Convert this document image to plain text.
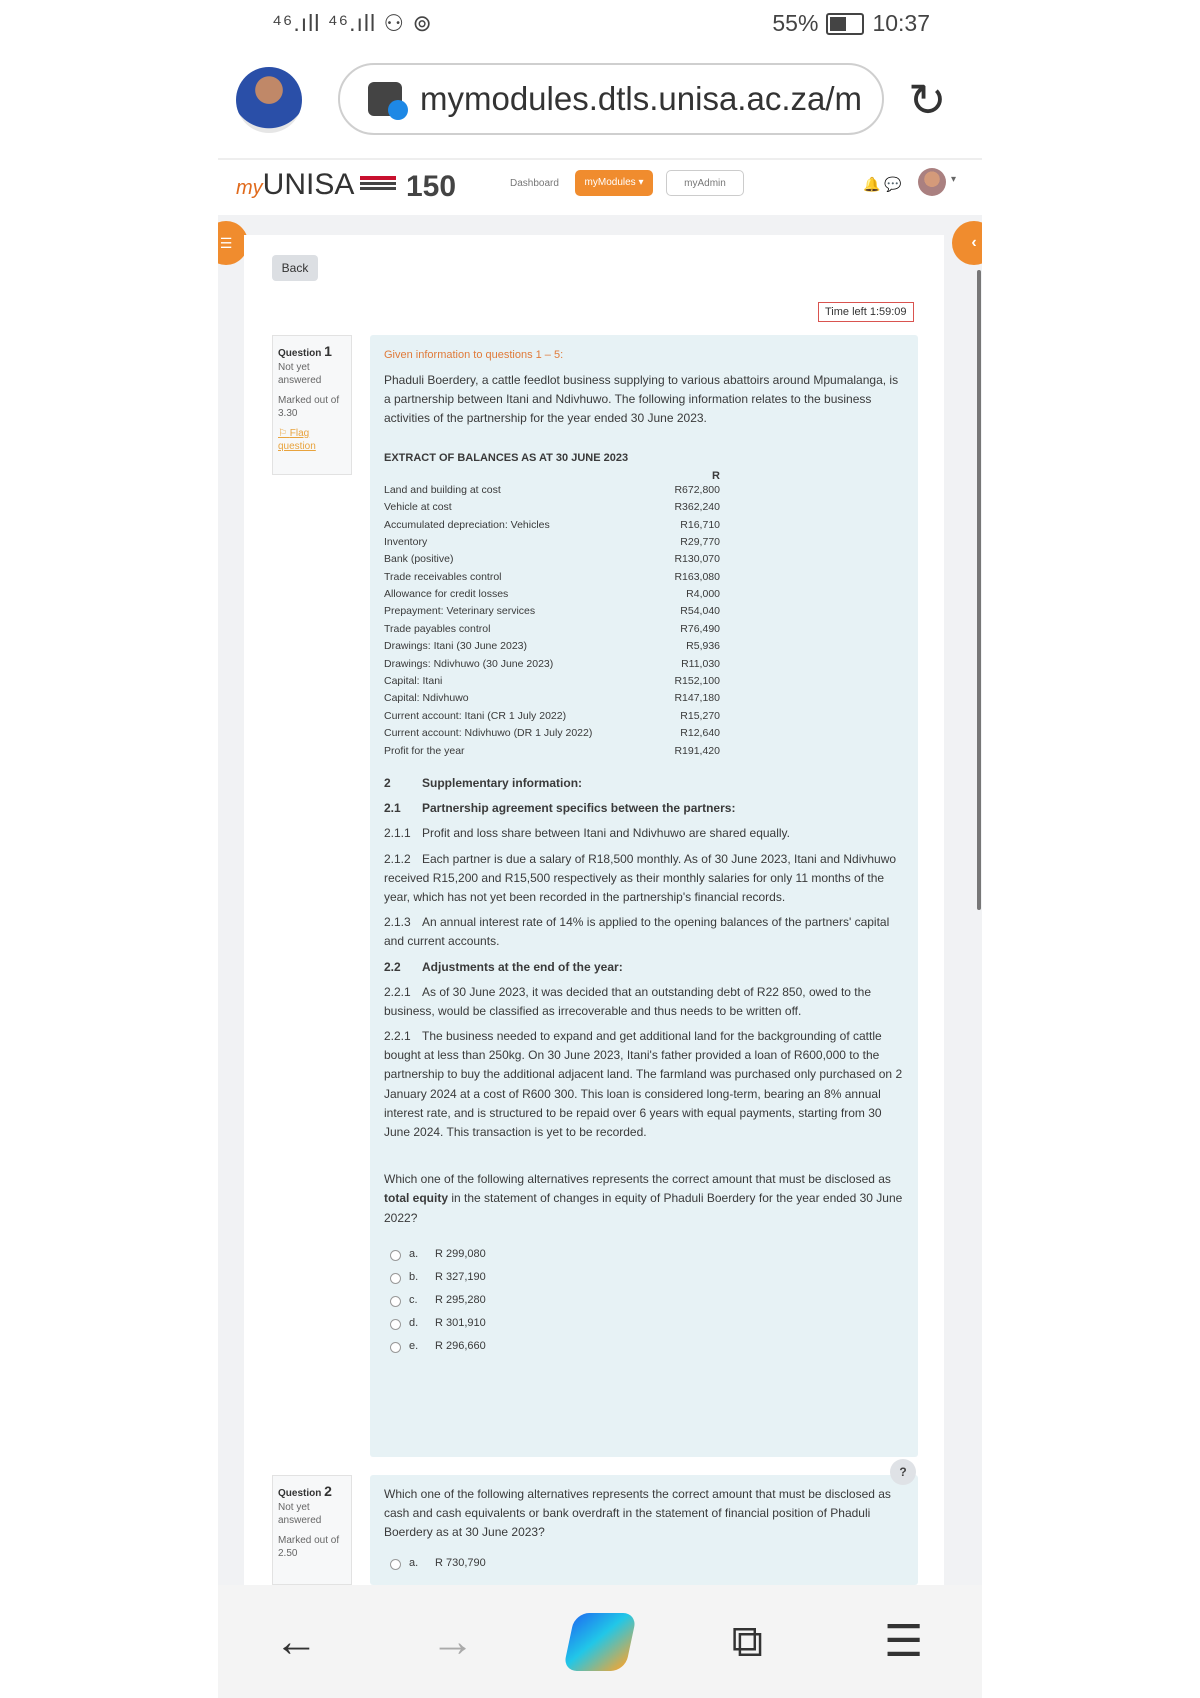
⁴⁶.ıll ⁴⁶.ıll ⚇ ⊚	55% 10:37
mymodules.dtls.unisa.ac.za/m ↻
myUNISA 150	Dashboard	myModules ▾	myAdmin	🔔 💬	▾
☰	‹
Back
Time left 1:59:09
Question 1
Not yet answered
Marked out of 3.30
⚐ Flag question
Given information to questions 1 – 5:
Phaduli Boerdery, a cattle feedlot business supplying to various abattoirs around Mpumalanga, is a partnership between Itani and Ndivhuwo. The following information relates to the business activities of the partnership for the year ended 30 June 2023.
EXTRACT OF BALANCES AS AT 30 JUNE 2023
R
Land and building at cost	R672,800
Vehicle at cost	R362,240
Accumulated depreciation: Vehicles	R16,710
Inventory	R29,770
Bank (positive)	R130,070
Trade receivables control	R163,080
Allowance for credit losses	R4,000
Prepayment: Veterinary services	R54,040
Trade payables control	R76,490
Drawings: Itani (30 June 2023)	R5,936
Drawings: Ndivhuwo (30 June 2023)	R11,030
Capital: Itani	R152,100
Capital: Ndivhuwo	R147,180
Current account: Itani (CR 1 July 2022)	R15,270
Current account: Ndivhuwo (DR 1 July 2022)	R12,640
Profit for the year	R191,420

2	Supplementary information:

2.1 Partnership agreement specifics between the partners:

2.1.1 Profit and loss share between Itani and Ndivhuwo are shared equally.

2.1.2 Each partner is due a salary of R18,500 monthly. As of 30 June 2023, Itani and Ndivhuwo received R15,200 and R15,500 respectively as their monthly salaries for only 11 months of the year, which has not yet been recorded in the partnership's financial records.

2.1.3 An annual interest rate of 14% is applied to the opening balances of the partners' capital and current accounts.

2.2 Adjustments at the end of the year:

2.2.1 As of 30 June 2023, it was decided that an outstanding debt of R22 850, owed to the business, would be classified as irrecoverable and thus needs to be written off.

2.2.1 The business needed to expand and get additional land for the backgrounding of cattle bought at less than 250kg. On 30 June 2023, Itani's father provided a loan of R600,000 to the partnership to buy the additional adjacent land. The farmland was purchased only purchased on 2 January 2024 at a cost of R600 300. This loan is considered long-term, bearing an 8% annual interest rate, and is structured to be repaid over 6 years with equal payments, starting from 30 June 2024. This transaction is yet to be recorded.

Which one of the following alternatives represents the correct amount that must be disclosed as total equity in the statement of changes in equity of Phaduli Boerdery for the year ended 30 June 2022?
a.	R 299,080
b.	R 327,190
c.	R 295,280
d.	R 301,910
e.	R 296,660
Question 2
Not yet answered
Marked out of 2.50
Which one of the following alternatives represents the correct amount that must be disclosed as cash and cash equivalents or bank overdraft in the statement of financial position of Phaduli Boerdery as at 30 June 2023?
a.	R 730,790
?
←	→	⧉	☰
